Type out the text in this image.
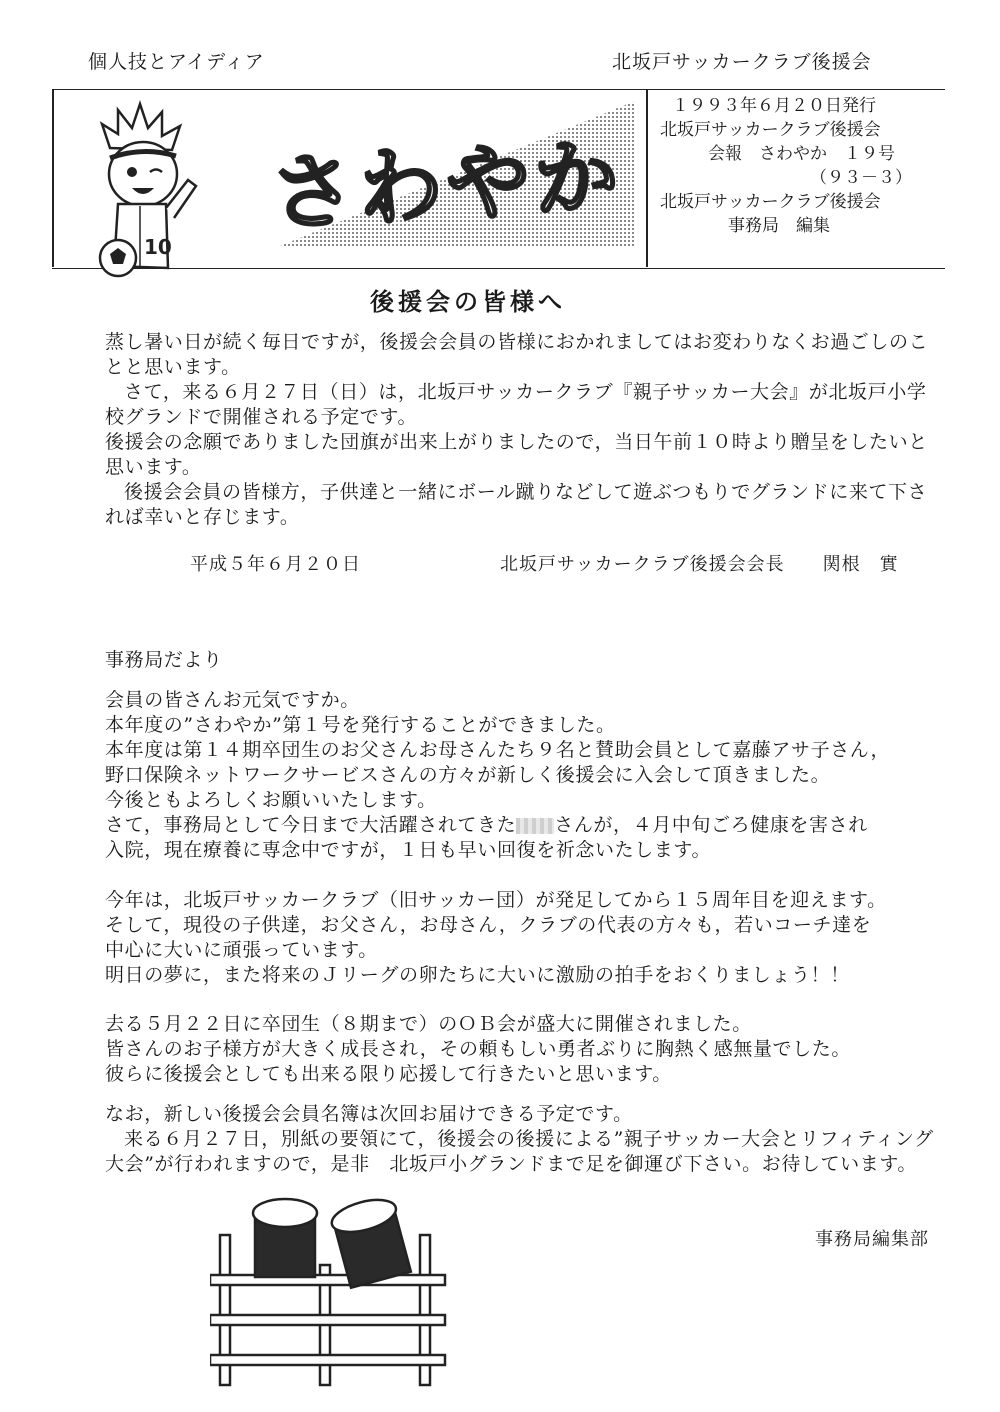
個人技とアイディア	北坂戸サッカークラブ後援会
さわやか
10
１９９３年６月２０日発行
北坂戸サッカークラブ後援会
会報　さわやか　１９号
（９３－３）
北坂戸サッカークラブ後援会
事務局　編集
後援会の皆様へ

蒸し暑い日が続く毎日ですが，後援会会員の皆様におかれましてはお変わりなくお過ごしのことと思います。

さて，来る６月２７日（日）は，北坂戸サッカークラブ『親子サッカー大会』が北坂戸小学校グランドで開催される予定です。

後援会の念願でありました団旗が出来上がりましたので，当日午前１０時より贈呈をしたいと思います。

後援会会員の皆様方，子供達と一緒にボール蹴りなどして遊ぶつもりでグランドに来て下されば幸いと存じます。

平成５年６月２０日	北坂戸サッカークラブ後援会会長　　関根　實
事務局だより

会員の皆さんお元気ですか。

本年度の”さわやか”第１号を発行することができました。

本年度は第１４期卒団生のお父さんお母さんたち９名と賛助会員として嘉藤アサ子さん，

野口保険ネットワークサービスさんの方々が新しく後援会に入会して頂きました。

今後ともよろしくお願いいたします。

さて，事務局として今日まで大活躍されてきた さんが，４月中旬ごろ健康を害され

入院，現在療養に専念中ですが，１日も早い回復を祈念いたします。

今年は，北坂戸サッカークラブ（旧サッカー団）が発足してから１５周年目を迎えます。

そして，現役の子供達，お父さん，お母さん，クラブの代表の方々も，若いコーチ達を

中心に大いに頑張っています。

明日の夢に，また将来のＪリーグの卵たちに大いに激励の拍手をおくりましょう！！

去る５月２２日に卒団生（８期まで）のＯＢ会が盛大に開催されました。

皆さんのお子様方が大きく成長され，その頼もしい勇者ぶりに胸熱く感無量でした。

彼らに後援会としても出来る限り応援して行きたいと思います。

なお，新しい後援会会員名簿は次回お届けできる予定です。

来る６月２７日，別紙の要領にて，後援会の後援による”親子サッカー大会とリフィティング大会”が行われますので，是非　北坂戸小グランドまで足を御運び下さい。お待しています。

事務局編集部
